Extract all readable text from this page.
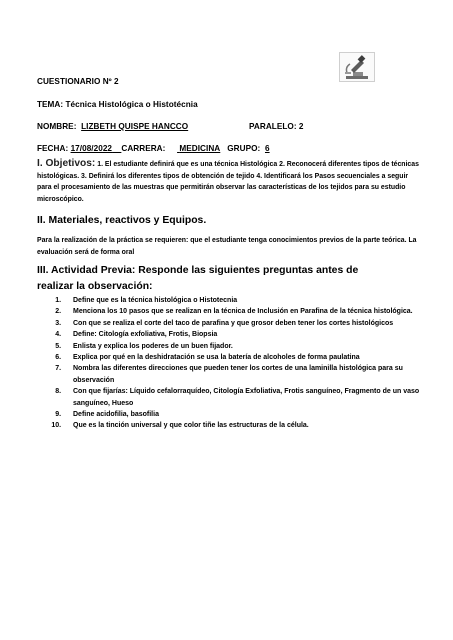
CUESTIONARIO Nº 2
TEMA: Técnica Histológica o Histotécnia
NOMBRE: LIZBETH QUISPE HANCCO	PARALELO: 2
FECHA: 17/08/2022 CARRERA: MEDICINA GRUPO: 6
I. Objetivos: 1. El estudiante definirá que es una técnica Histológica 2. Reconocerá diferentes tipos de técnicas histológicas. 3. Definirá los diferentes tipos de obtención de tejido 4. Identificará los Pasos secuenciales a seguir para el procesamiento de las muestras que permitirán observar las características de los tejidos para su estudio microscópico.
II. Materiales, reactivos y Equipos.
Para la realización de la práctica se requieren: que el estudiante tenga conocimientos previos de la parte teórica. La evaluación será de forma oral
III. Actividad Previa: Responde las siguientes preguntas antes de
realizar la observación:
1. Define que es la técnica histológica o Histotecnia
2. Menciona los 10 pasos que se realizan en la técnica de Inclusión en Parafina de la técnica histológica.
3. Con que se realiza el corte del taco de parafina y que grosor deben tener los cortes histológicos
4. Define: Citología exfoliativa, Frotis, Biopsia
5. Enlista y explica los poderes de un buen fijador.
6. Explica por qué en la deshidratación se usa la batería de alcoholes de forma paulatina
7. Nombra las diferentes direcciones que pueden tener los cortes de una laminilla histológica para su observación
8. Con que fijarías: Líquido cefalorraquídeo, Citología Exfoliativa, Frotis sanguíneo, Fragmento de un vaso sanguíneo, Hueso
9. Define acidofilia, basofilia
10. Que es la tinción universal y que color tiñe las estructuras de la célula.
